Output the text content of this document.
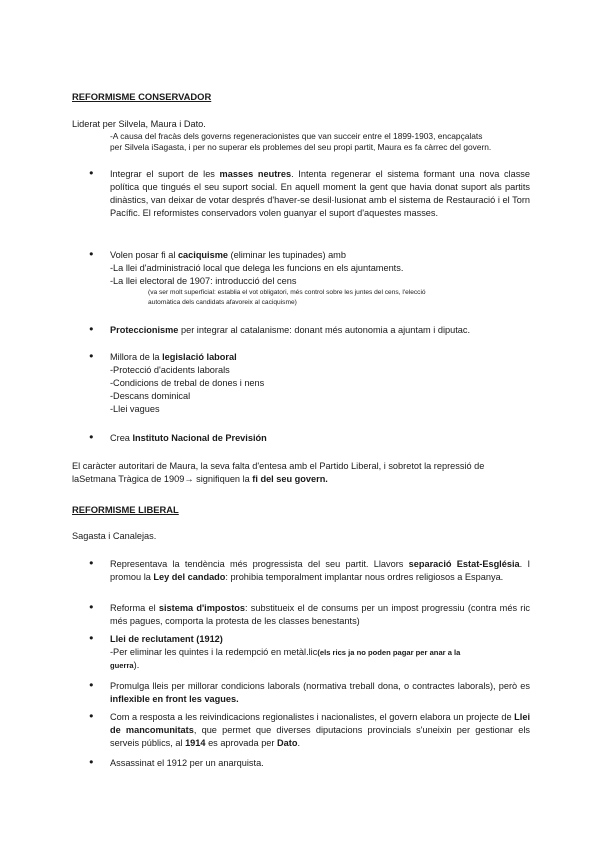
REFORMISME CONSERVADOR

Liderat per Silvela, Maura i Dato.

-A causa del fracàs dels governs regeneracionistes que van succeir entre el 1899-1903, encapçalats

per Silvela iSagasta, i per no superar els problemes del seu propi partit, Maura es fa càrrec del govern.

● Integrar el suport de les masses neutres. Intenta regenerar el sistema formant una nova classe política que tingués el seu suport social. En aquell moment la gent que havia donat suport als partits dinàstics, van deixar de votar després d'haver-se desil·lusionat amb el sistema de Restauració i el Torn Pacífic. El reformistes conservadors volen guanyar el suport d'aquestes masses.

● Volen posar fi al caciquisme (eliminar les tupinades) amb

-La llei d'administració local que delega les funcions en els ajuntaments.

-La llei electoral de 1907: introducció del cens

(va ser molt superficial: establia el vot obligatori, més control sobre les juntes del cens, l'elecció

automàtica dels candidats afavoreix al caciquisme)

● Proteccionisme per integrar al catalanisme: donant més autonomia a ajuntam i diputac.

● Millora de la legislació laboral

-Protecció d'acidents laborals

-Condicions de trebal de dones i nens

-Descans dominical

-Llei vagues

● Crea Instituto Nacional de Previsión

El caràcter autoritari de Maura, la seva falta d'entesa amb el Partido Liberal, i sobretot la repressió de

laSetmana Tràgica de 1909→ signifiquen la fi del seu govern.

REFORMISME LIBERAL

Sagasta i Canalejas.

● Representava la tendència més progressista del seu partit. Llavors separació Estat-Església. I promou la Ley del candado: prohibia temporalment implantar nous ordres religiosos a Espanya.

● Reforma el sistema d'impostos: substitueix el de consums per un impost progressiu (contra més ric més pagues, comporta la protesta de les classes benestants)

● Llei de reclutament (1912)

-Per eliminar les quintes i la redempció en metàl.lic(els rics ja no poden pagar per anar a la

guerra).

● Promulga lleis per millorar condicions laborals (normativa treball dona, o contractes laborals), però es inflexible en front les vagues.

● Com a resposta a les reivindicacions regionalistes i nacionalistes, el govern elabora un projecte de Llei de mancomunitats, que permet que diverses diputacions provincials s'uneixin per gestionar els serveis públics, al 1914 es aprovada per Dato.

● Assassinat el 1912 per un anarquista.
